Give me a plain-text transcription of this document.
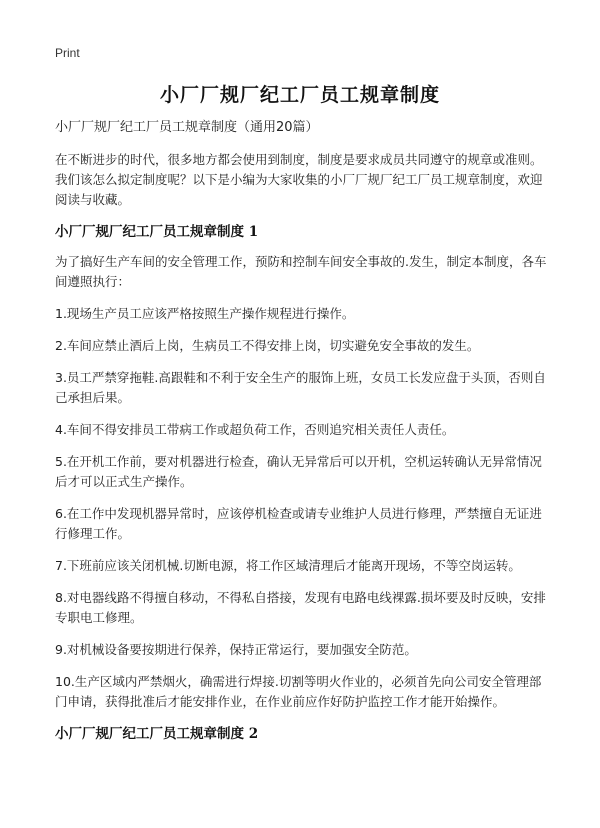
Print
小厂厂规厂纪工厂员工规章制度

小厂厂规厂纪工厂员工规章制度（通用20篇）

在不断进步的时代，很多地方都会使用到制度，制度是要求成员共同遵守的规章或准则。我们该怎么拟定制度呢？以下是小编为大家收集的小厂厂规厂纪工厂员工规章制度，欢迎阅读与收藏。

小厂厂规厂纪工厂员工规章制度 1

为了搞好生产车间的安全管理工作，预防和控制车间安全事故的.发生，制定本制度，各车间遵照执行：

1.现场生产员工应该严格按照生产操作规程进行操作。

2.车间应禁止酒后上岗，生病员工不得安排上岗，切实避免安全事故的发生。

3.员工严禁穿拖鞋.高跟鞋和不利于安全生产的服饰上班，女员工长发应盘于头顶，否则自己承担后果。

4.车间不得安排员工带病工作或超负荷工作，否则追究相关责任人责任。

5.在开机工作前，要对机器进行检查，确认无异常后可以开机，空机运转确认无异常情况后才可以正式生产操作。

6.在工作中发现机器异常时，应该停机检查或请专业维护人员进行修理，严禁擅自无证进行修理工作。

7.下班前应该关闭机械.切断电源，将工作区域清理后才能离开现场，不等空岗运转。

8.对电器线路不得擅自移动，不得私自搭接，发现有电路电线裸露.损坏要及时反映，安排专职电工修理。

9.对机械设备要按期进行保养，保持正常运行，要加强安全防范。

10.生产区域内严禁烟火，确需进行焊接.切割等明火作业的，必须首先向公司安全管理部门申请，获得批准后才能安排作业，在作业前应作好防护监控工作才能开始操作。

小厂厂规厂纪工厂员工规章制度 2
